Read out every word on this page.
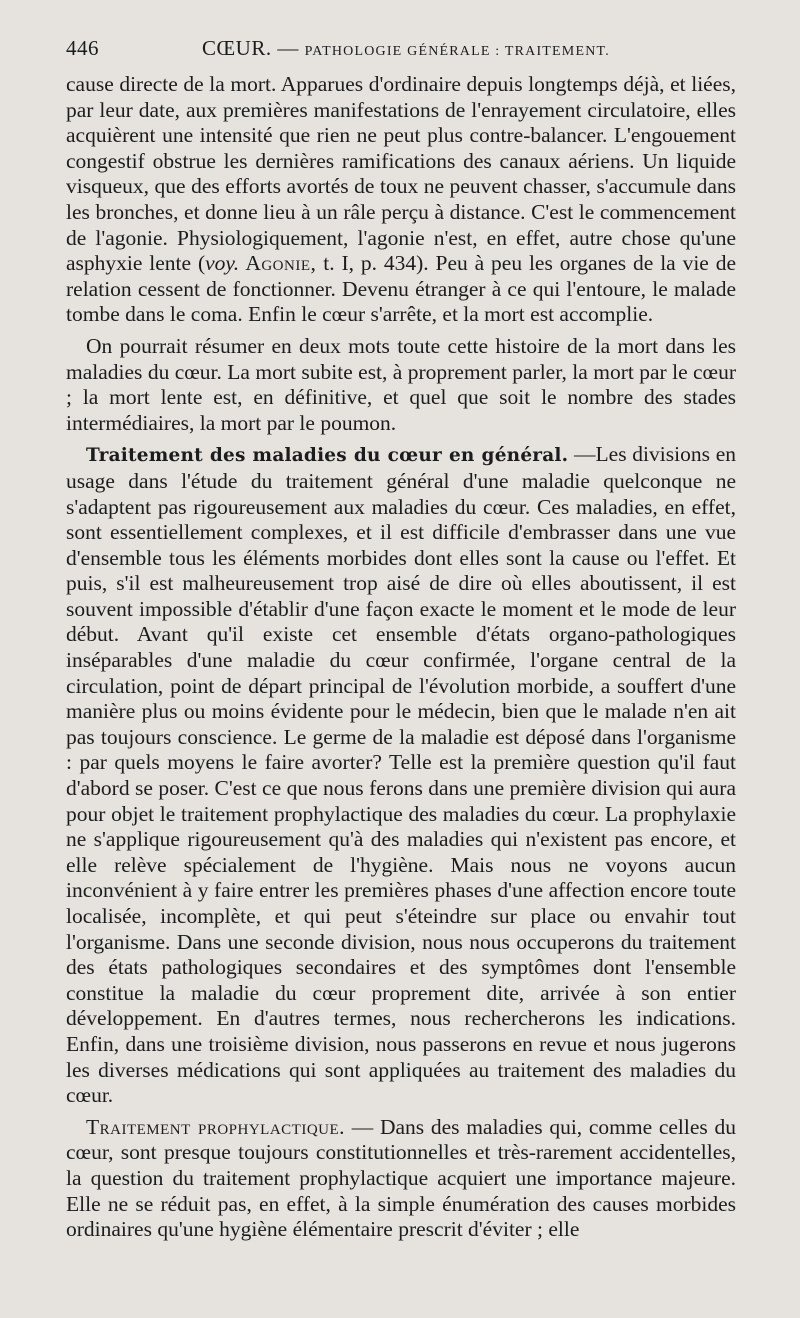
446	CŒUR. — PATHOLOGIE GÉNÉRALE : TRAITEMENT.

cause directe de la mort. Apparues d'ordinaire depuis longtemps déjà, et liées, par leur date, aux premières manifestations de l'enrayement circulatoire, elles acquièrent une intensité que rien ne peut plus contre-balancer. L'engouement congestif obstrue les dernières ramifications des canaux aériens. Un liquide visqueux, que des efforts avortés de toux ne peuvent chasser, s'accumule dans les bronches, et donne lieu à un râle perçu à distance. C'est le commencement de l'agonie. Physiologiquement, l'agonie n'est, en effet, autre chose qu'une asphyxie lente (voy. Agonie, t. I, p. 434). Peu à peu les organes de la vie de relation cessent de fonctionner. Devenu étranger à ce qui l'entoure, le malade tombe dans le coma. Enfin le cœur s'arrête, et la mort est accomplie.

On pourrait résumer en deux mots toute cette histoire de la mort dans les maladies du cœur. La mort subite est, à proprement parler, la mort par le cœur ; la mort lente est, en définitive, et quel que soit le nombre des stades intermédiaires, la mort par le poumon.

Traitement des maladies du cœur en général. —Les divisions en usage dans l'étude du traitement général d'une maladie quelconque ne s'adaptent pas rigoureusement aux maladies du cœur. Ces maladies, en effet, sont essentiellement complexes, et il est difficile d'embrasser dans une vue d'ensemble tous les éléments morbides dont elles sont la cause ou l'effet. Et puis, s'il est malheureusement trop aisé de dire où elles aboutissent, il est souvent impossible d'établir d'une façon exacte le moment et le mode de leur début. Avant qu'il existe cet ensemble d'états organo-pathologiques inséparables d'une maladie du cœur confirmée, l'organe central de la circulation, point de départ principal de l'évolution morbide, a souffert d'une manière plus ou moins évidente pour le médecin, bien que le malade n'en ait pas toujours conscience. Le germe de la maladie est déposé dans l'organisme : par quels moyens le faire avorter? Telle est la première question qu'il faut d'abord se poser. C'est ce que nous ferons dans une première division qui aura pour objet le traitement prophylactique des maladies du cœur. La prophylaxie ne s'applique rigoureusement qu'à des maladies qui n'existent pas encore, et elle relève spécialement de l'hygiène. Mais nous ne voyons aucun inconvénient à y faire entrer les premières phases d'une affection encore toute localisée, incomplète, et qui peut s'éteindre sur place ou envahir tout l'organisme. Dans une seconde division, nous nous occuperons du traitement des états pathologiques secondaires et des symptômes dont l'ensemble constitue la maladie du cœur proprement dite, arrivée à son entier développement. En d'autres termes, nous rechercherons les indications. Enfin, dans une troisième division, nous passerons en revue et nous jugerons les diverses médications qui sont appliquées au traitement des maladies du cœur.

Traitement prophylactique. — Dans des maladies qui, comme celles du cœur, sont presque toujours constitutionnelles et très-rarement accidentelles, la question du traitement prophylactique acquiert une importance majeure. Elle ne se réduit pas, en effet, à la simple énumération des causes morbides ordinaires qu'une hygiène élémentaire prescrit d'éviter ; elle
